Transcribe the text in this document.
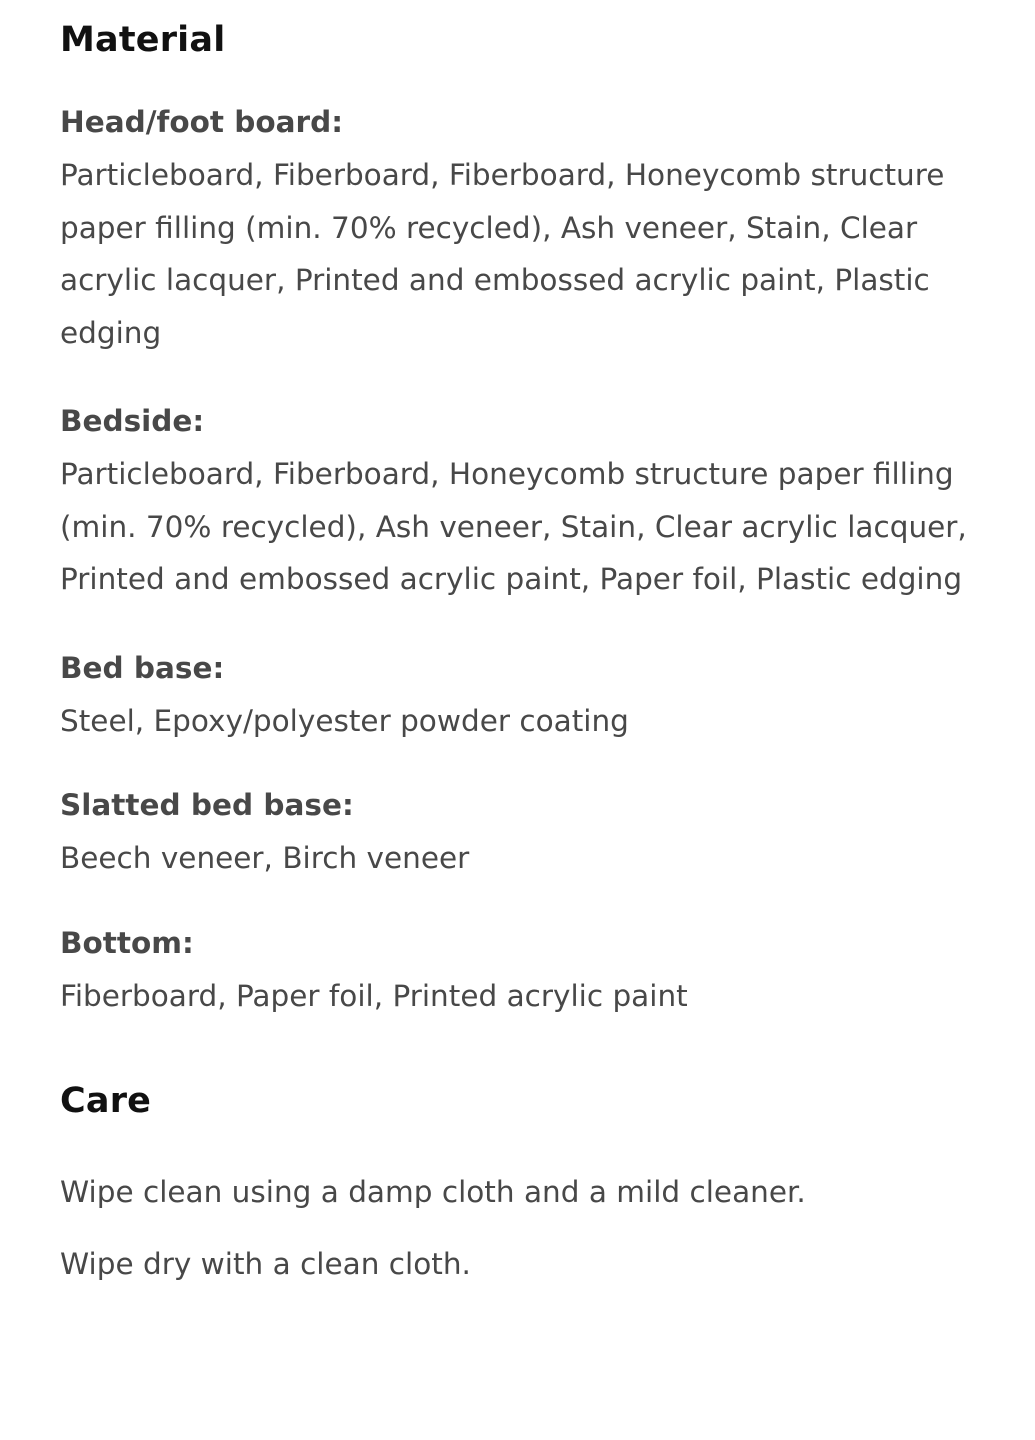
Material
Head/foot board:
Particleboard, Fiberboard, Fiberboard, Honeycomb structure paper filling (min. 70% recycled), Ash veneer, Stain, Clear acrylic lacquer, Printed and embossed acrylic paint, Plastic edging
Bedside:
Particleboard, Fiberboard, Honeycomb structure paper filling (min. 70% recycled), Ash veneer, Stain, Clear acrylic lacquer, Printed and embossed acrylic paint, Paper foil, Plastic edging
Bed base:
Steel, Epoxy/polyester powder coating
Slatted bed base:
Beech veneer, Birch veneer
Bottom:
Fiberboard, Paper foil, Printed acrylic paint
Care

Wipe clean using a damp cloth and a mild cleaner.

Wipe dry with a clean cloth.
